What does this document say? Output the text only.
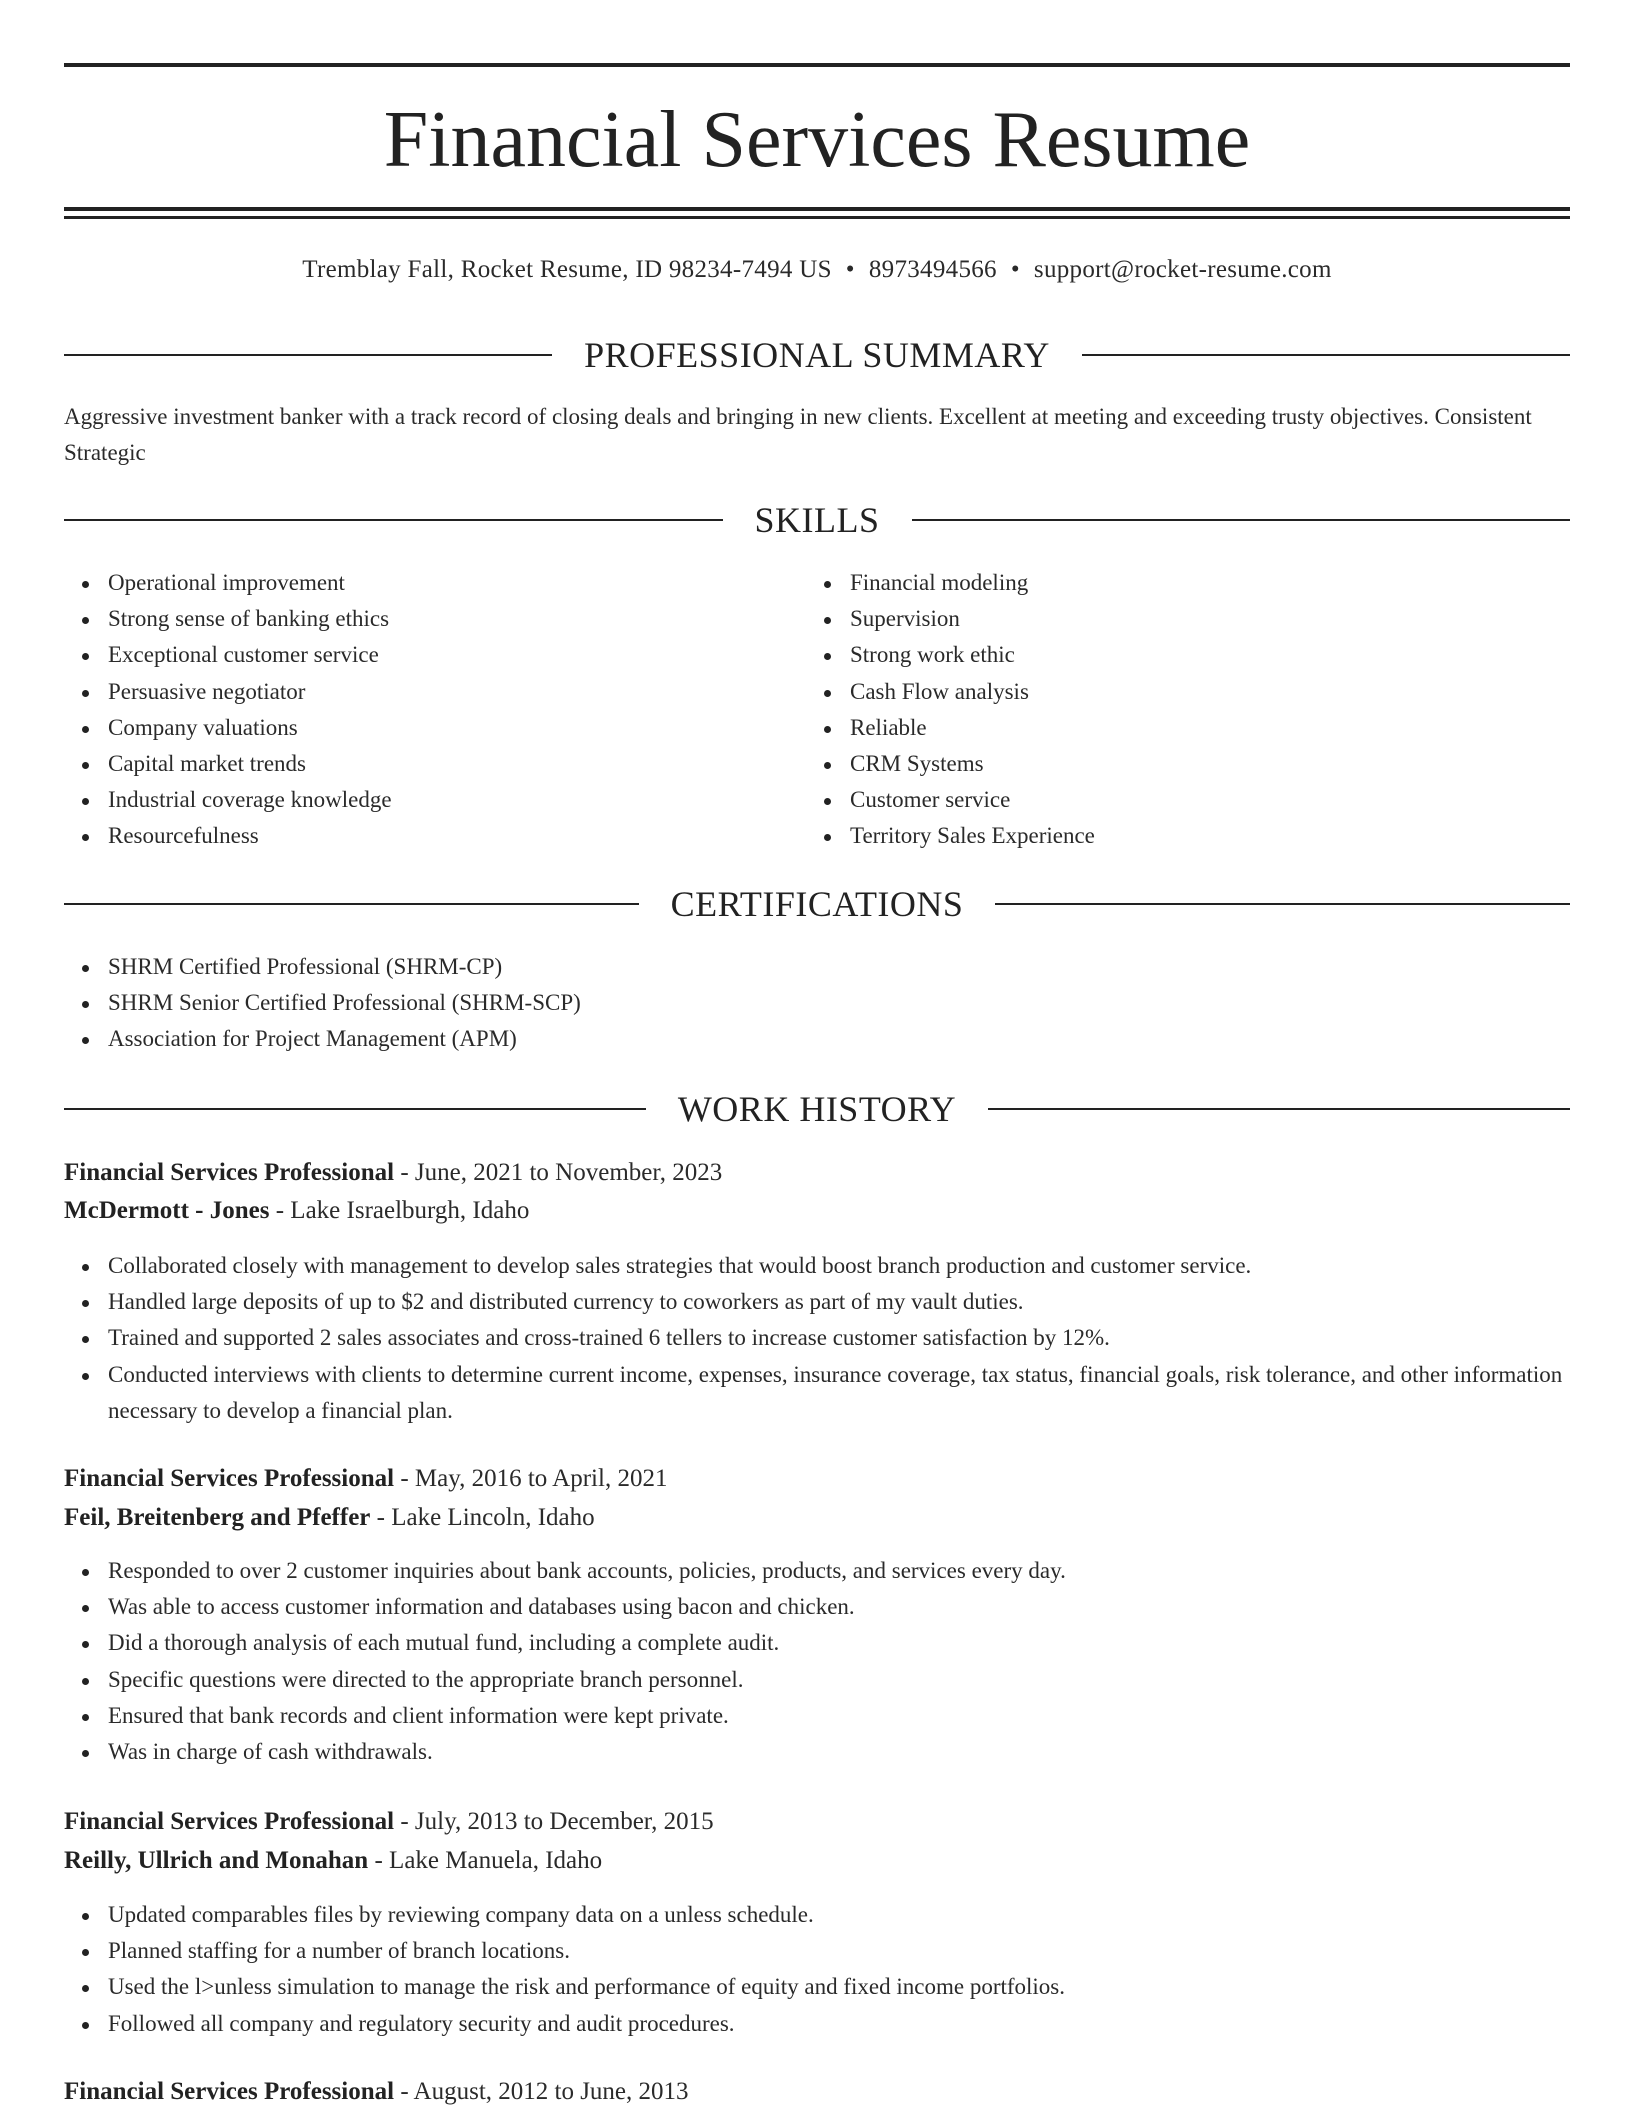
Financial Services Resume
Tremblay Fall, Rocket Resume, ID 98234-7494 US • 8973494566 • support@rocket-resume.com
PROFESSIONAL SUMMARY

Aggressive investment banker with a track record of closing deals and bringing in new clients. Excellent at meeting and exceeding trusty objectives. Consistent Strategic

SKILLS
Operational improvement
Strong sense of banking ethics
Exceptional customer service
Persuasive negotiator
Company valuations
Capital market trends
Industrial coverage knowledge
Resourcefulness
Financial modeling
Supervision
Strong work ethic
Cash Flow analysis
Reliable
CRM Systems
Customer service
Territory Sales Experience
CERTIFICATIONS
SHRM Certified Professional (SHRM-CP)
SHRM Senior Certified Professional (SHRM-SCP)
Association for Project Management (APM)
WORK HISTORY
Financial Services Professional - June, 2021 to November, 2023
McDermott - Jones - Lake Israelburgh, Idaho
Collaborated closely with management to develop sales strategies that would boost branch production and customer service.
Handled large deposits of up to $2 and distributed currency to coworkers as part of my vault duties.
Trained and supported 2 sales associates and cross-trained 6 tellers to increase customer satisfaction by 12%.
Conducted interviews with clients to determine current income, expenses, insurance coverage, tax status, financial goals, risk tolerance, and other information necessary to develop a financial plan.
Financial Services Professional - May, 2016 to April, 2021
Feil, Breitenberg and Pfeffer - Lake Lincoln, Idaho
Responded to over 2 customer inquiries about bank accounts, policies, products, and services every day.
Was able to access customer information and databases using bacon and chicken.
Did a thorough analysis of each mutual fund, including a complete audit.
Specific questions were directed to the appropriate branch personnel.
Ensured that bank records and client information were kept private.
Was in charge of cash withdrawals.
Financial Services Professional - July, 2013 to December, 2015
Reilly, Ullrich and Monahan - Lake Manuela, Idaho
Updated comparables files by reviewing company data on a unless schedule.
Planned staffing for a number of branch locations.
Used the l>unless simulation to manage the risk and performance of equity and fixed income portfolios.
Followed all company and regulatory security and audit procedures.
Financial Services Professional - August, 2012 to June, 2013
